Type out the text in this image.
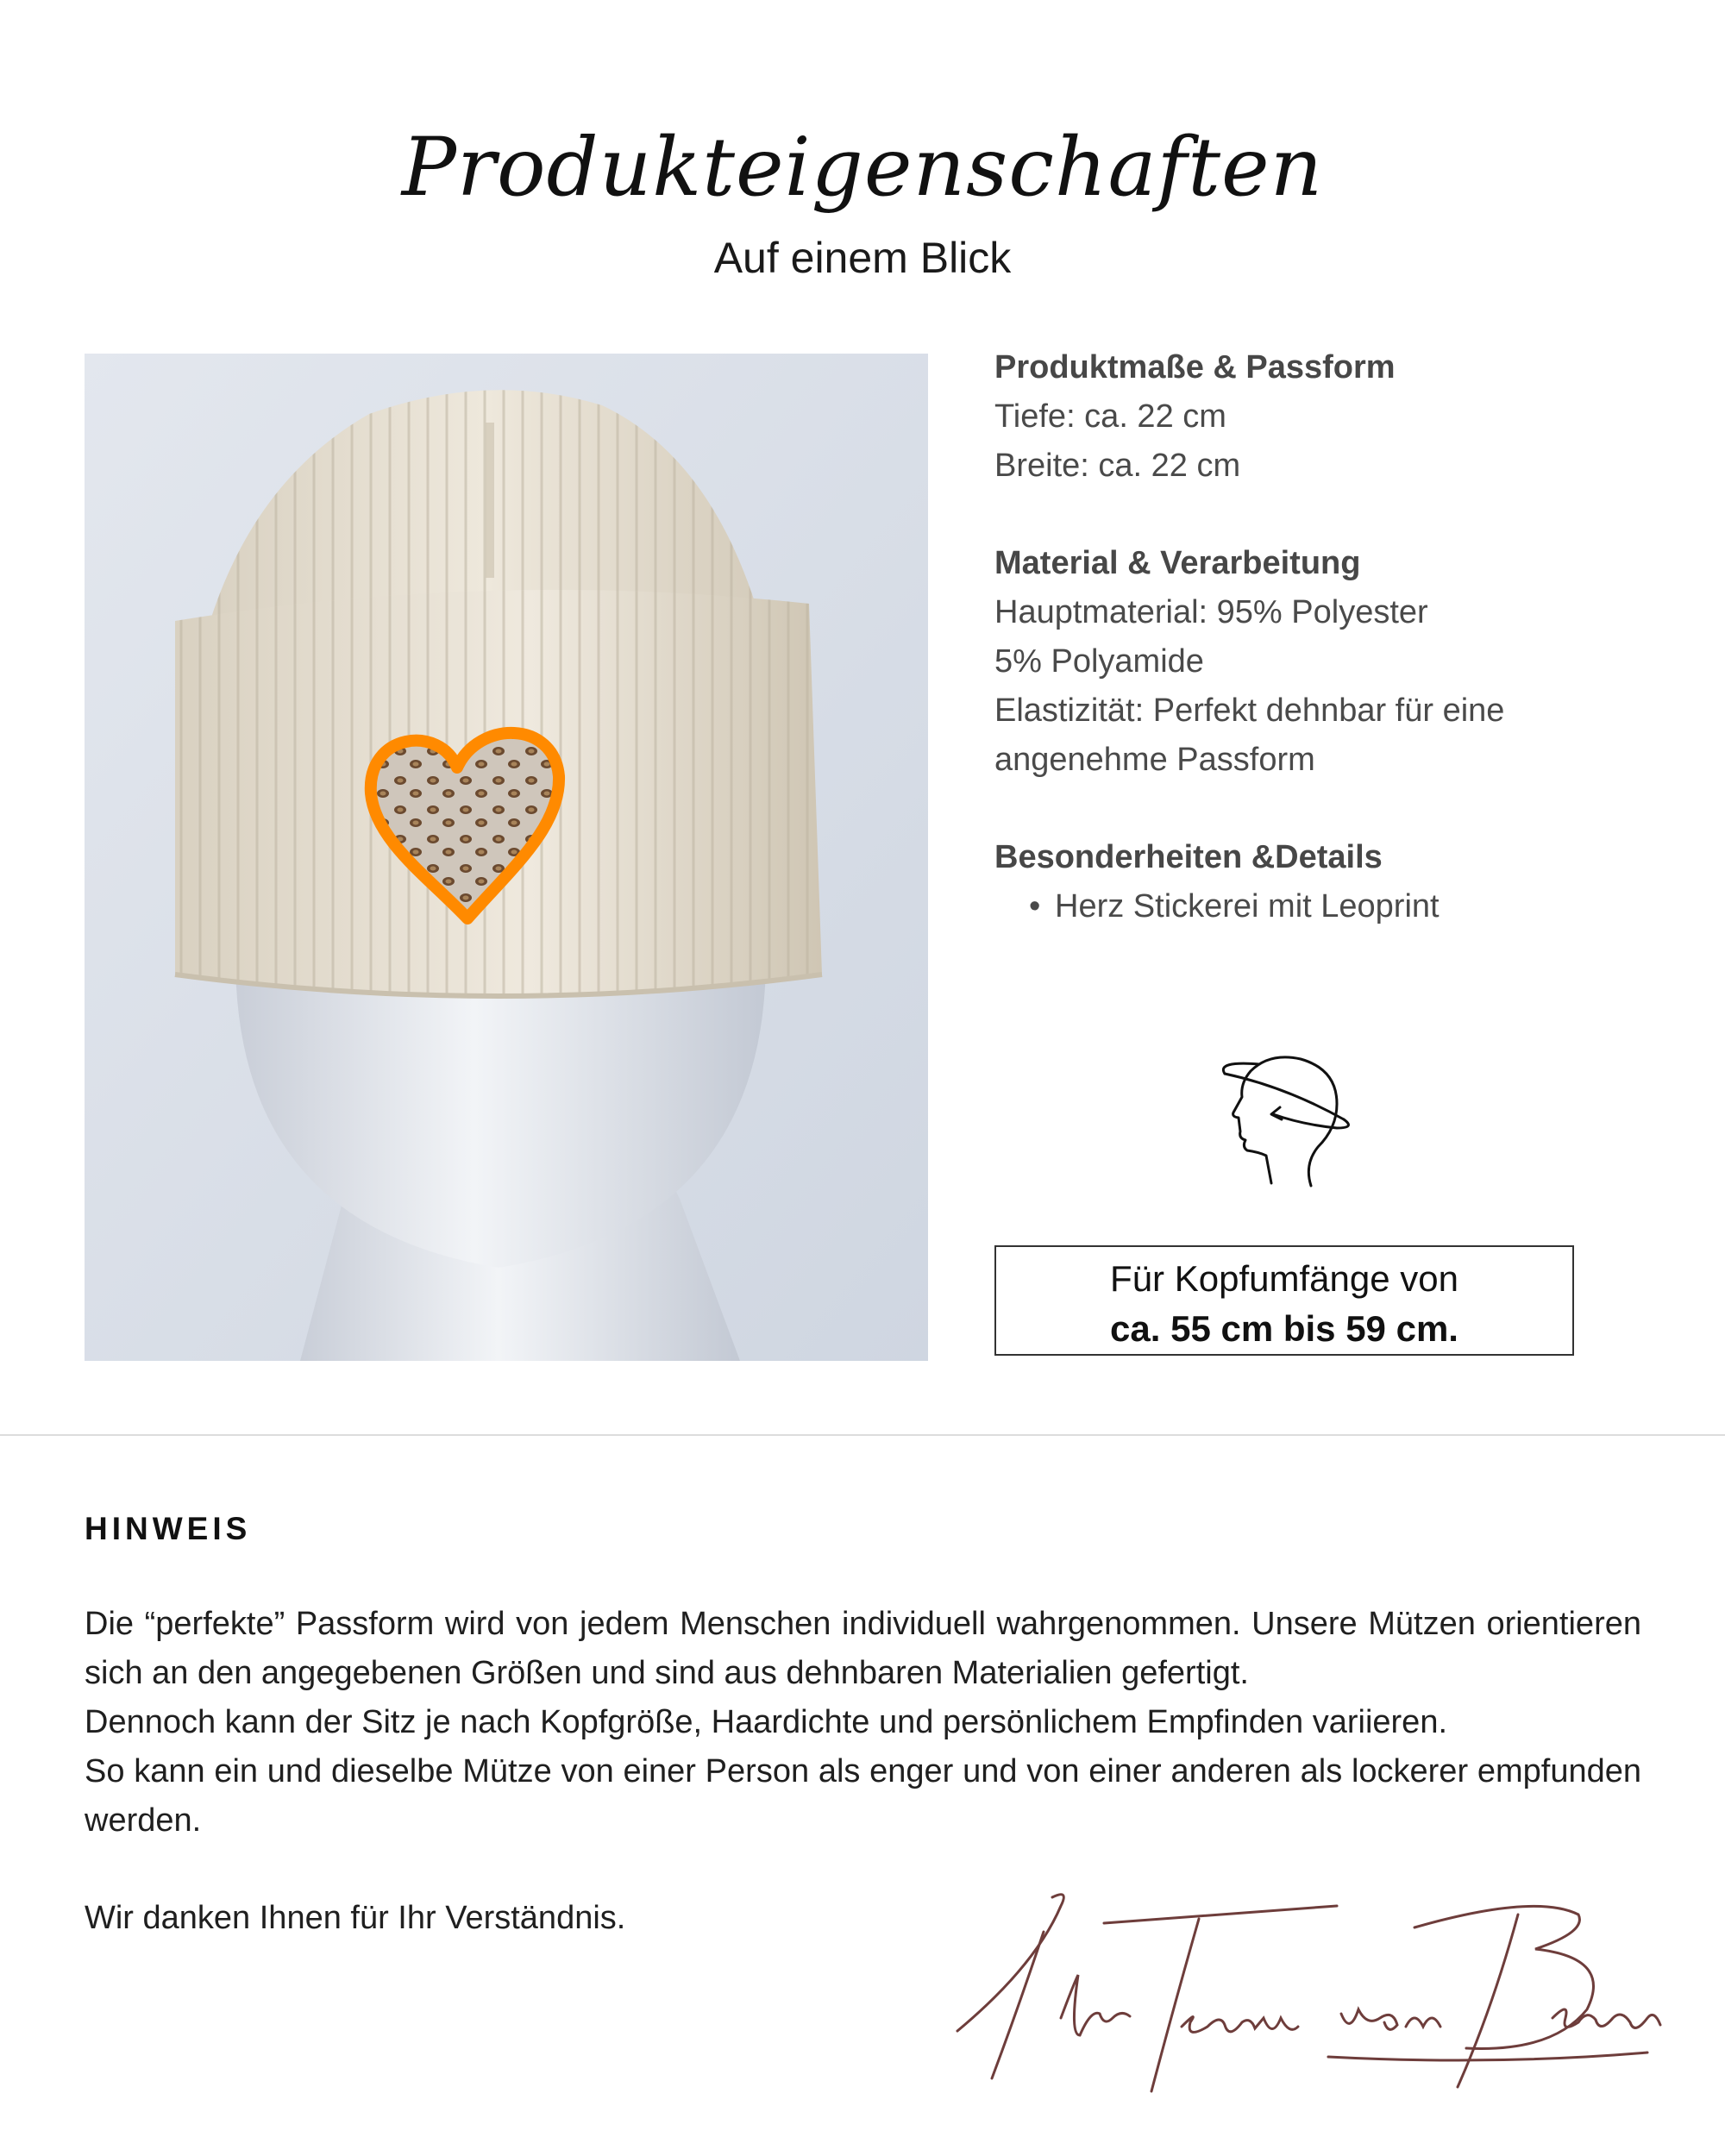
Produkteigenschaften
Auf einem Blick
Produktmaße & Passform
Tiefe: ca. 22 cm
Breite: ca. 22 cm
Material & Verarbeitung
Hauptmaterial: 95% Polyester
5% Polyamide
Elastizität: Perfekt dehnbar für eine
angenehme Passform
Besonderheiten &Details
• Herz Stickerei mit Leoprint
Für Kopfumfänge von
ca. 55 cm bis 59 cm.
HINWEIS

Die “perfekte” Passform wird von jedem Menschen individuell wahrgenommen. Unsere Mützen orientieren sich an den angegebenen Größen und sind aus dehnbaren Materialien gefertigt.

Dennoch kann der Sitz je nach Kopfgröße, Haardichte und persönlichem Empfinden variieren.

So kann ein und dieselbe Mütze von einer Person als enger und von einer anderen als lockerer empfunden werden.

Wir danken Ihnen für Ihr Verständnis.
